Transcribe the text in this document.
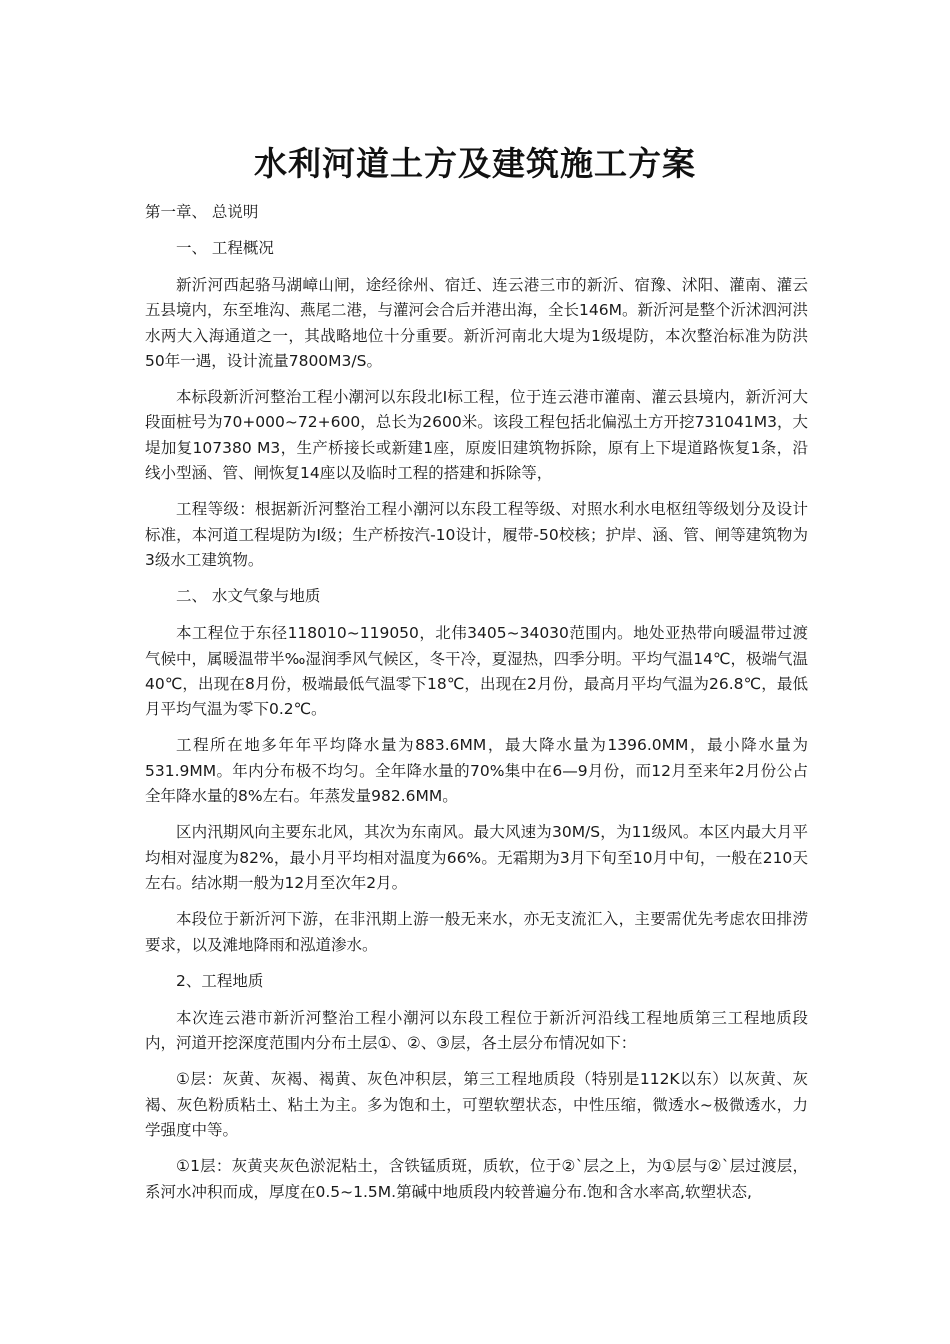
水利河道土方及建筑施工方案

第一章、 总说明

一、 工程概况

新沂河西起骆马湖嶂山闸，途经徐州、宿迁、连云港三市的新沂、宿豫、沭阳、灌南、灌云五县境内，东至堆沟、燕尾二港，与灌河会合后并港出海，全长146M。新沂河是整个沂沭泗河洪水两大入海通道之一，其战略地位十分重要。新沂河南北大堤为1级堤防，本次整治标准为防洪50年一遇，设计流量7800M3/S。

本标段新沂河整治工程小潮河以东段北Ⅰ标工程，位于连云港市灌南、灌云县境内，新沂河大段面桩号为70+000~72+600，总长为2600米。该段工程包括北偏泓土方开挖731041M3，大堤加复107380 M3，生产桥接长或新建1座，原废旧建筑物拆除，原有上下堤道路恢复1条，沿线小型涵、管、闸恢复14座以及临时工程的搭建和拆除等，

工程等级：根据新沂河整治工程小潮河以东段工程等级、对照水利水电枢纽等级划分及设计标准，本河道工程堤防为Ⅰ级；生产桥按汽-10设计，履带-50校核；护岸、涵、管、闸等建筑物为3级水工建筑物。

二、 水文气象与地质

本工程位于东径118010~119050，北伟3405~34030范围内。地处亚热带向暖温带过渡气候中，属暖温带半‰湿润季风气候区，冬干冷，夏湿热，四季分明。平均气温14℃，极端气温40℃，出现在8月份，极端最低气温零下18℃，出现在2月份，最高月平均气温为26.8℃，最低月平均气温为零下0.2℃。

工程所在地多年年平均降水量为883.6MM，最大降水量为1396.0MM，最小降水量为531.9MM。年内分布极不均匀。全年降水量的70%集中在6—9月份，而12月至来年2月份公占全年降水量的8%左右。年蒸发量982.6MM。

区内汛期风向主要东北风，其次为东南风。最大风速为30M/S，为11级风。本区内最大月平均相对湿度为82%，最小月平均相对温度为66%。无霜期为3月下旬至10月中旬，一般在210天左右。结冰期一般为12月至次年2月。

本段位于新沂河下游，在非汛期上游一般无来水，亦无支流汇入，主要需优先考虑农田排涝要求，以及滩地降雨和泓道渗水。

2、工程地质

本次连云港市新沂河整治工程小潮河以东段工程位于新沂河沿线工程地质第三工程地质段内，河道开挖深度范围内分布土层①、②、③层，各土层分布情况如下：

①层：灰黄、灰褐、褐黄、灰色冲积层，第三工程地质段（特别是112K以东）以灰黄、灰褐、灰色粉质粘土、粘土为主。多为饱和土，可塑软塑状态，中性压缩，微透水~极微透水，力学强度中等。

①1层：灰黄夹灰色淤泥粘土，含铁锰质斑，质软，位于②`层之上，为①层与②`层过渡层，系河水冲积而成，厚度在0.5~1.5M.第碱中地质段内较普遍分布.饱和含水率高,软塑状态,
